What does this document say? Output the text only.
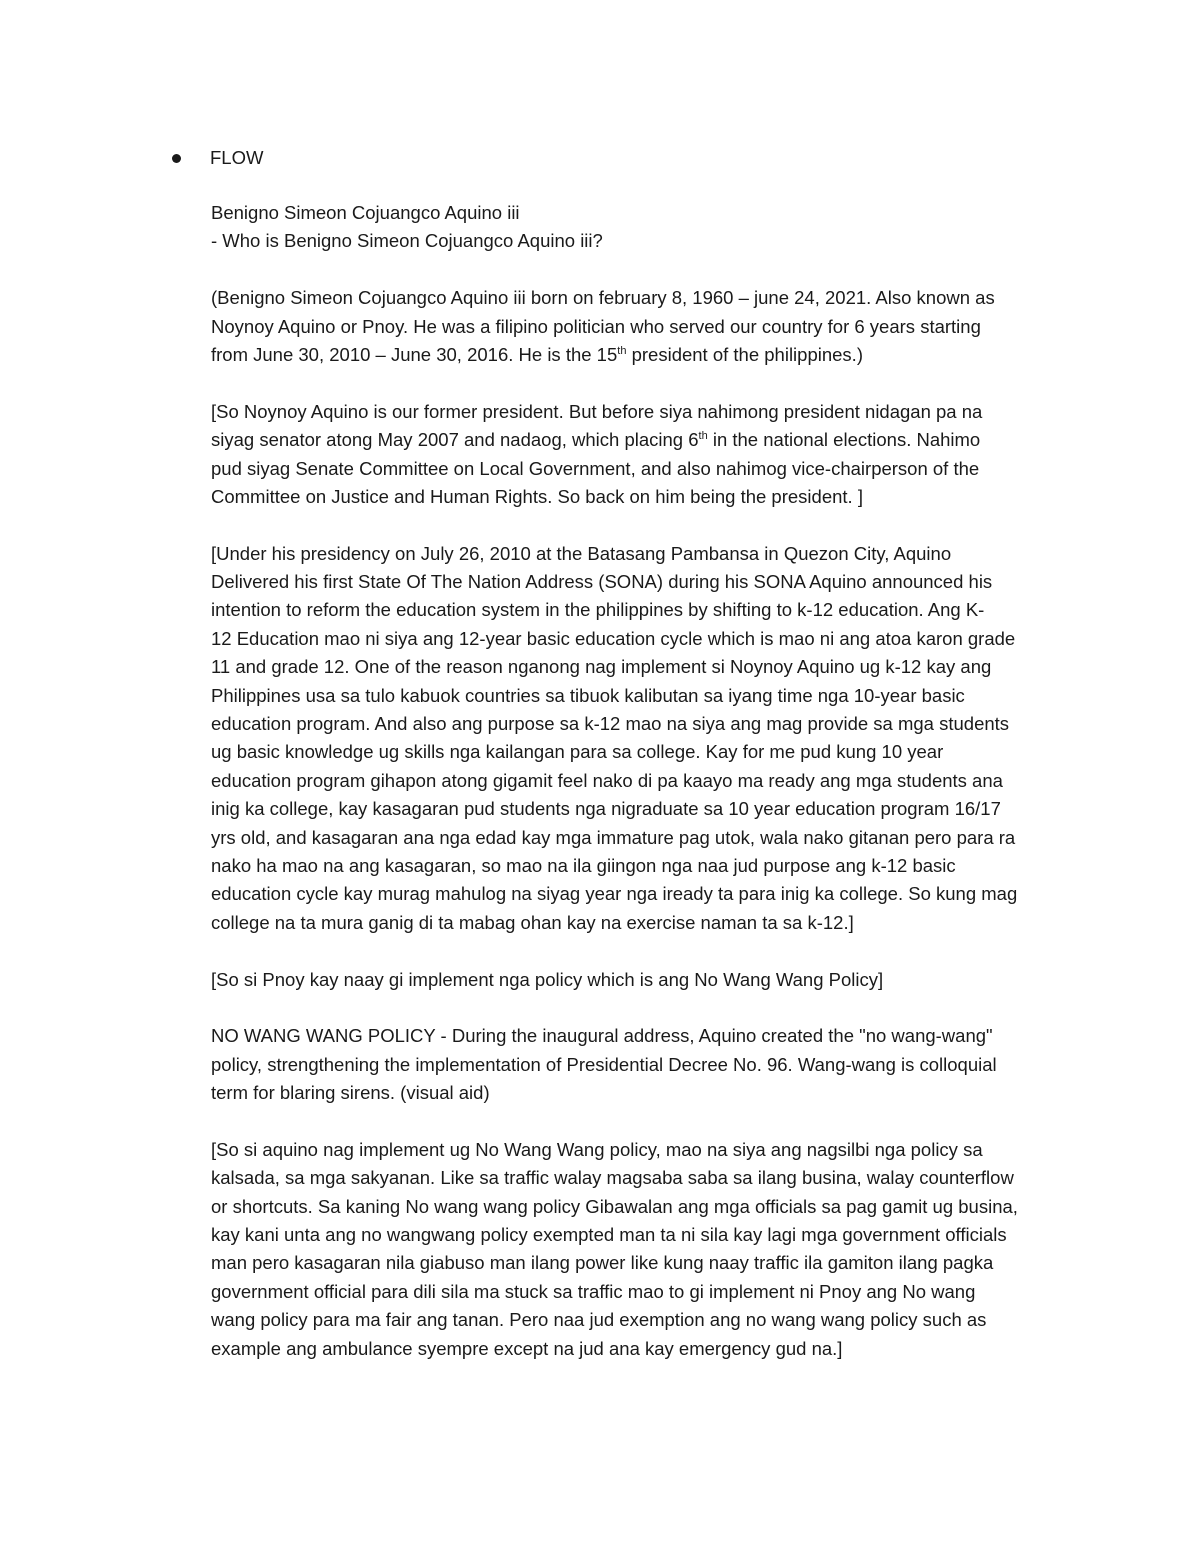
FLOW
Benigno Simeon Cojuangco Aquino iii
- Who is Benigno Simeon Cojuangco Aquino iii?
(Benigno Simeon Cojuangco Aquino iii born on february 8, 1960 – june 24, 2021. Also known as
Noynoy Aquino or Pnoy. He was a filipino politician who served our country for 6 years starting
from June 30, 2010 – June 30, 2016. He is the 15th president of the philippines.)
[So Noynoy Aquino is our former president. But before siya nahimong president nidagan pa na
siyag senator atong May 2007 and nadaog, which placing 6th in the national elections. Nahimo
pud siyag Senate Committee on Local Government, and also nahimog vice-chairperson of the
Committee on Justice and Human Rights. So back on him being the president. ]
[Under his presidency on July 26, 2010 at the Batasang Pambansa in Quezon City, Aquino
Delivered his first State Of The Nation Address (SONA) during his SONA Aquino announced his
intention to reform the education system in the philippines by shifting to k-12 education. Ang K-
12 Education mao ni siya ang 12-year basic education cycle which is mao ni ang atoa karon grade
11 and grade 12. One of the reason nganong nag implement si Noynoy Aquino ug k-12 kay ang
Philippines usa sa tulo kabuok countries sa tibuok kalibutan sa iyang time nga 10-year basic
education program. And also ang purpose sa k-12 mao na siya ang mag provide sa mga students
ug basic knowledge ug skills nga kailangan para sa college. Kay for me pud kung 10 year
education program gihapon atong gigamit feel nako di pa kaayo ma ready ang mga students ana
inig ka college, kay kasagaran pud students nga nigraduate sa 10 year education program 16/17
yrs old, and kasagaran ana nga edad kay mga immature pag utok, wala nako gitanan pero para ra
nako ha mao na ang kasagaran, so mao na ila giingon nga naa jud purpose ang k-12 basic
education cycle kay murag mahulog na siyag year nga iready ta para inig ka college. So kung mag
college na ta mura ganig di ta mabag ohan kay na exercise naman ta sa k-12.]
[So si Pnoy kay naay gi implement nga policy which is ang No Wang Wang Policy]
NO WANG WANG POLICY - During the inaugural address, Aquino created the "no wang-wang"
policy, strengthening the implementation of Presidential Decree No. 96. Wang-wang is colloquial
term for blaring sirens. (visual aid)
[So si aquino nag implement ug No Wang Wang policy, mao na siya ang nagsilbi nga policy sa
kalsada, sa mga sakyanan. Like sa traffic walay magsaba saba sa ilang busina, walay counterflow
or shortcuts. Sa kaning No wang wang policy Gibawalan ang mga officials sa pag gamit ug busina,
kay kani unta ang no wangwang policy exempted man ta ni sila kay lagi mga government officials
man pero kasagaran nila giabuso man ilang power like kung naay traffic ila gamiton ilang pagka
government official para dili sila ma stuck sa traffic mao to gi implement ni Pnoy ang No wang
wang policy para ma fair ang tanan. Pero naa jud exemption ang no wang wang policy such as
example ang ambulance syempre except na jud ana kay emergency gud na.]
